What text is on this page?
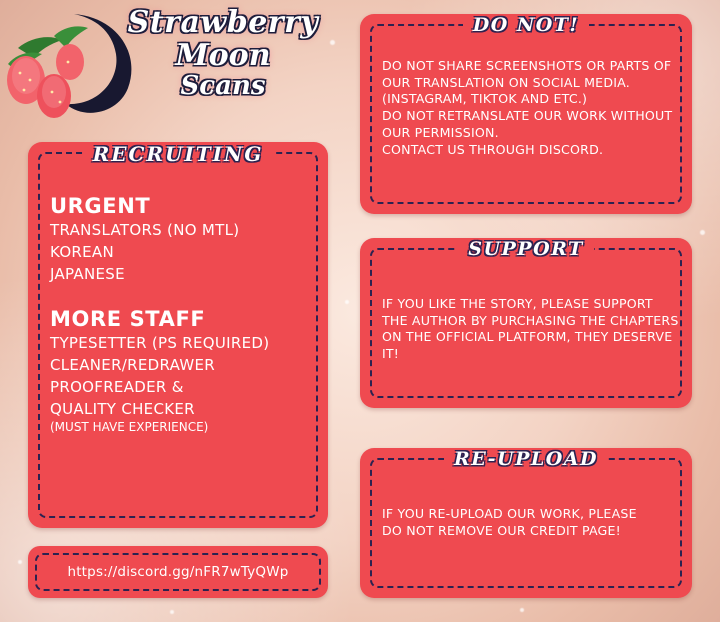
Strawberry
Moon
Scans
RECRUITING

URGENT

TRANSLATORS (NO MTL)

KOREAN

JAPANESE

MORE STAFF

TYPESETTER (PS REQUIRED)

CLEANER/REDRAWER

PROOFREADER &

QUALITY CHECKER

(MUST HAVE EXPERIENCE)

https://discord.gg/nFR7wTyQWp
DO NOT!
DO NOT SHARE SCREENSHOTS OR PARTS OF
OUR TRANSLATION ON SOCIAL MEDIA.
(INSTAGRAM, TIKTOK AND ETC.)
DO NOT RETRANSLATE OUR WORK WITHOUT
OUR PERMISSION.
CONTACT US THROUGH DISCORD.
SUPPORT
IF YOU LIKE THE STORY, PLEASE SUPPORT
THE AUTHOR BY PURCHASING THE CHAPTERS
ON THE OFFICIAL PLATFORM, THEY DESERVE
IT!
RE-UPLOAD
IF YOU RE-UPLOAD OUR WORK, PLEASE
DO NOT REMOVE OUR CREDIT PAGE!
